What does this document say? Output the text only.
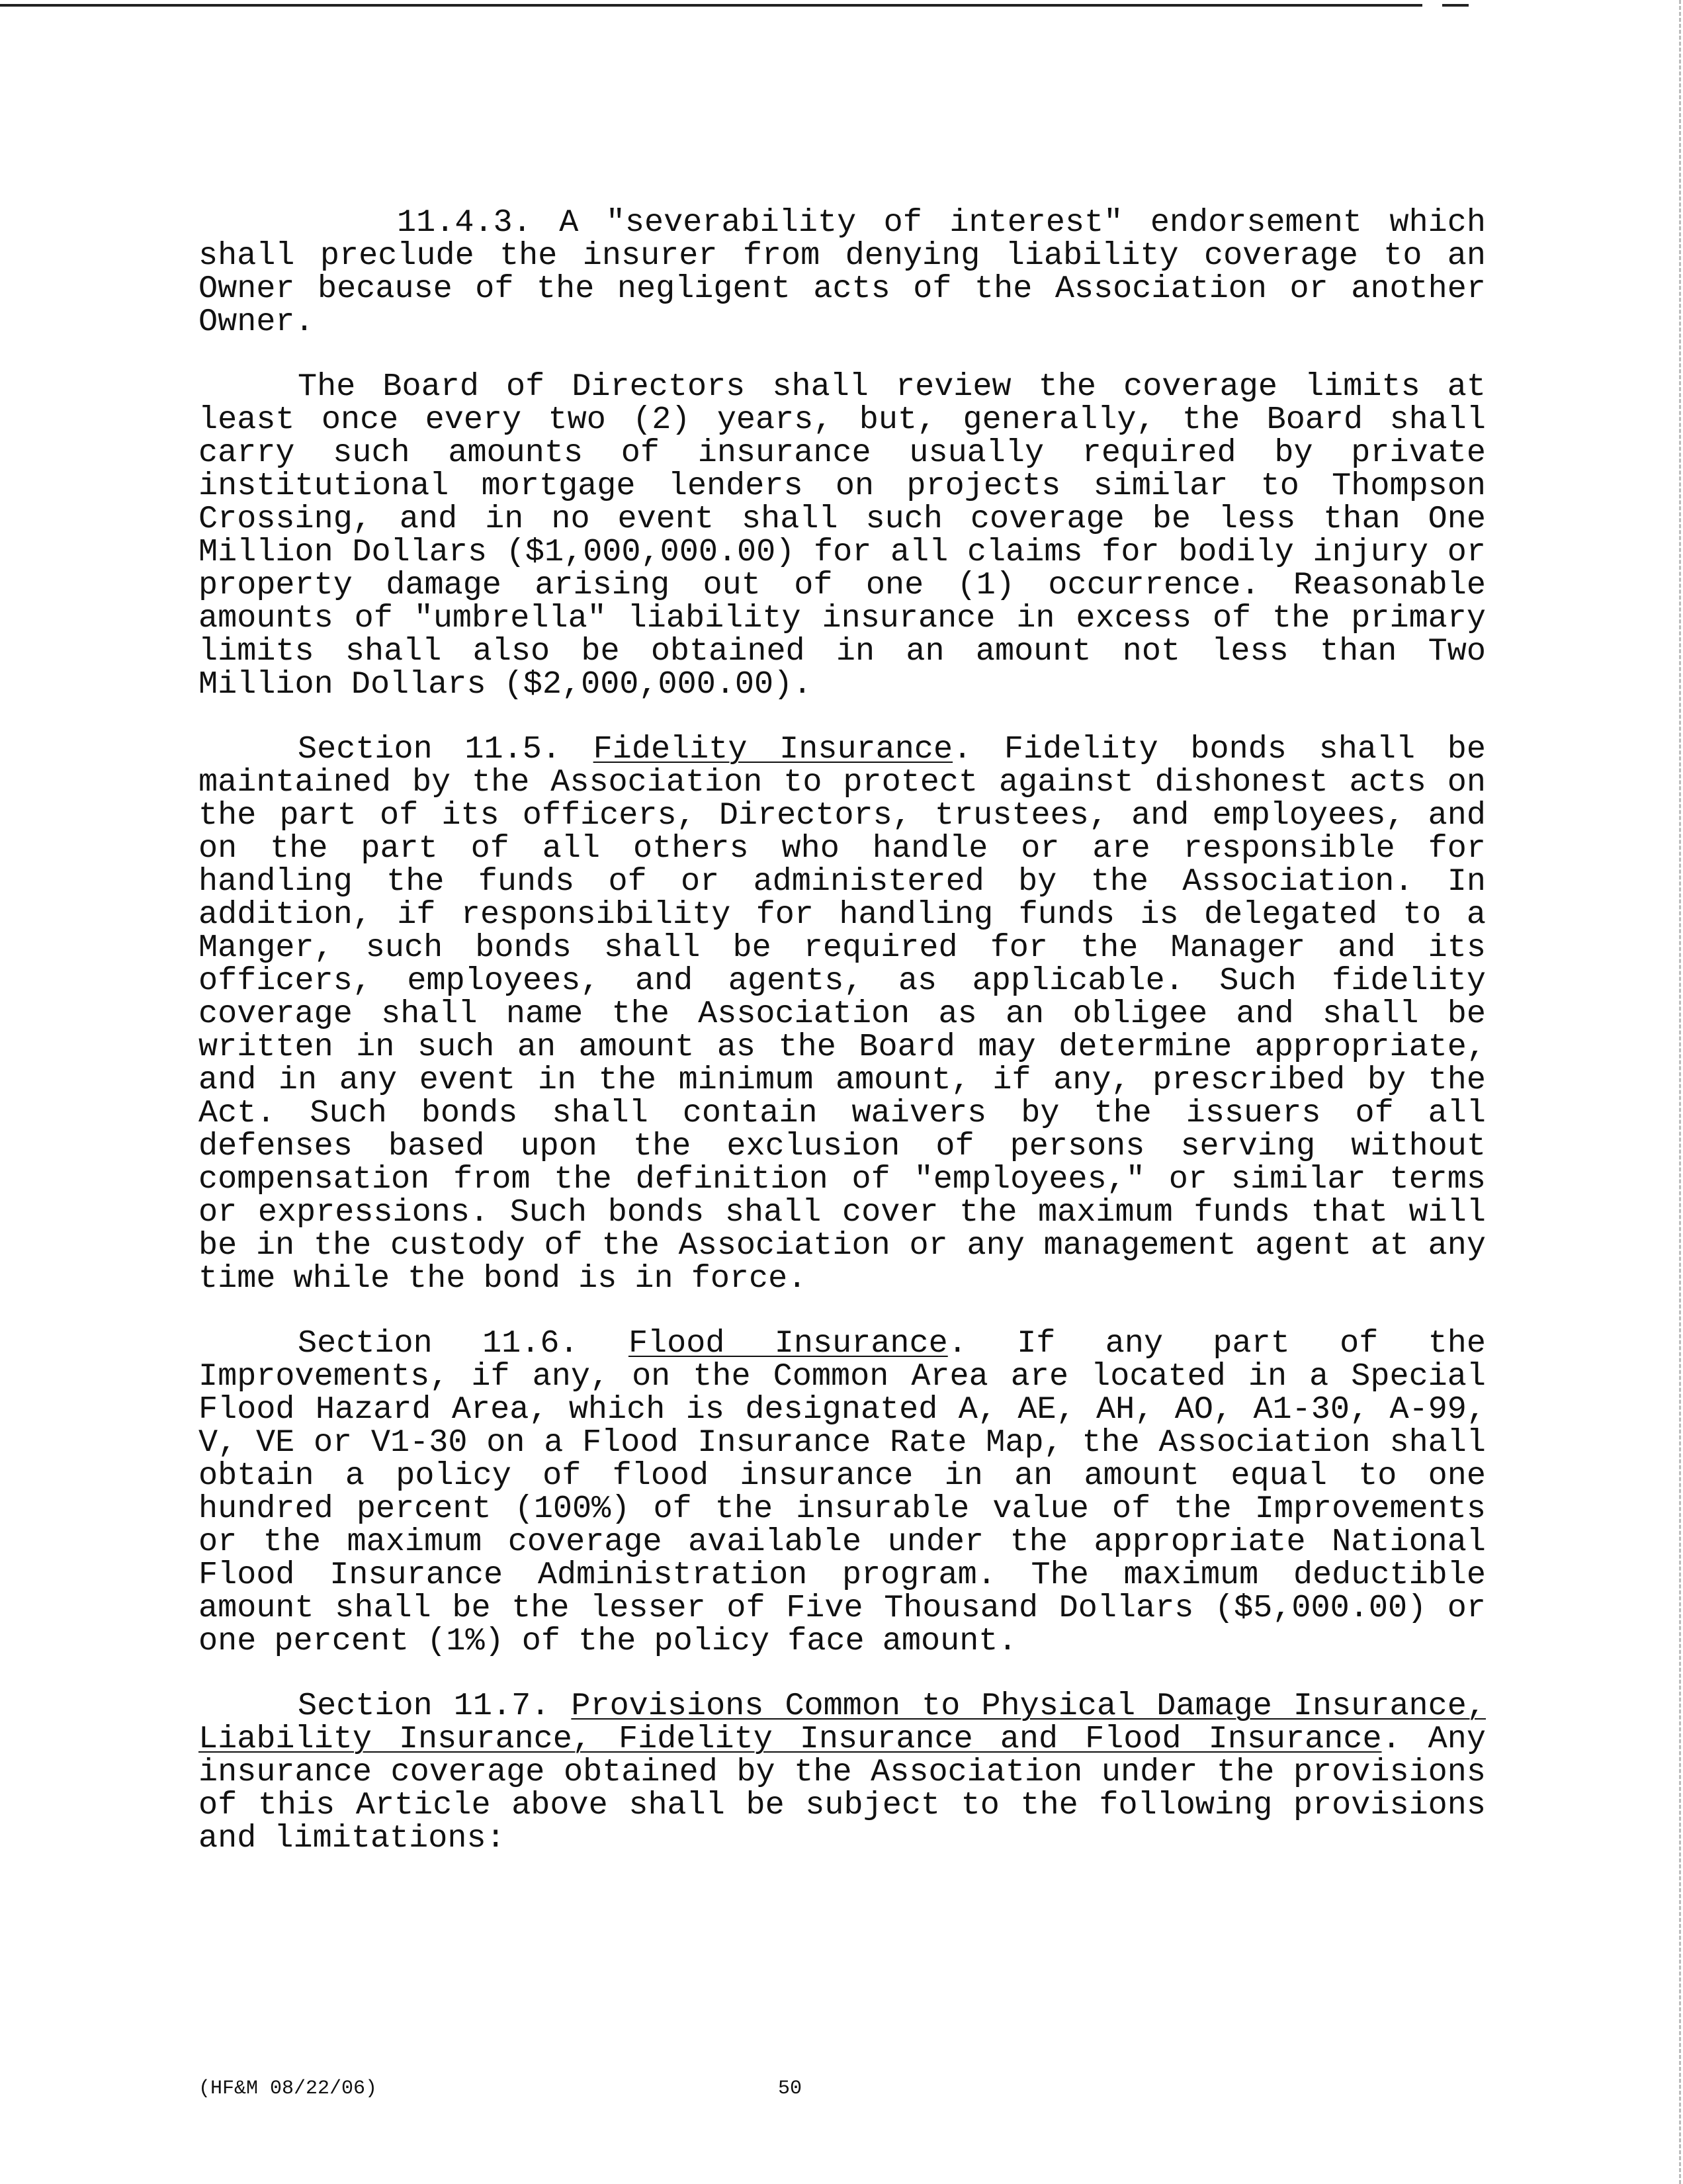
11.4.3. A "severability of interest" endorsement which shall preclude the insurer from denying liability coverage to an Owner because of the negligent acts of the Association or another Owner.

The Board of Directors shall review the coverage limits at least once every two (2) years, but, generally, the Board shall carry such amounts of insurance usually required by private institutional mortgage lenders on projects similar to Thompson Crossing, and in no event shall such coverage be less than One Million Dollars ($1,000,000.00) for all claims for bodily injury or property damage arising out of one (1) occurrence. Reasonable amounts of "umbrella" liability insurance in excess of the primary limits shall also be obtained in an amount not less than Two Million Dollars ($2,000,000.00).

Section 11.5. Fidelity Insurance. Fidelity bonds shall be maintained by the Association to protect against dishonest acts on the part of its officers, Directors, trustees, and employees, and on the part of all others who handle or are responsible for handling the funds of or administered by the Association. In addition, if responsibility for handling funds is delegated to a Manger, such bonds shall be required for the Manager and its officers, employees, and agents, as applicable. Such fidelity coverage shall name the Association as an obligee and shall be written in such an amount as the Board may determine appropriate, and in any event in the minimum amount, if any, prescribed by the Act. Such bonds shall contain waivers by the issuers of all defenses based upon the exclusion of persons serving without compensation from the definition of "employees," or similar terms or expressions. Such bonds shall cover the maximum funds that will be in the custody of the Association or any management agent at any time while the bond is in force.

Section 11.6. Flood Insurance. If any part of the Improvements, if any, on the Common Area are located in a Special Flood Hazard Area, which is designated A, AE, AH, AO, A1-30, A-99, V, VE or V1-30 on a Flood Insurance Rate Map, the Association shall obtain a policy of flood insurance in an amount equal to one hundred percent (100%) of the insurable value of the Improvements or the maximum coverage available under the appropriate National Flood Insurance Administration program. The maximum deductible amount shall be the lesser of Five Thousand Dollars ($5,000.00) or one percent (1%) of the policy face amount.

Section 11.7. Provisions Common to Physical Damage Insurance, Liability Insurance, Fidelity Insurance and Flood Insurance. Any insurance coverage obtained by the Association under the provisions of this Article above shall be subject to the following provisions and limitations:

(HF&M 08/22/06)	50
